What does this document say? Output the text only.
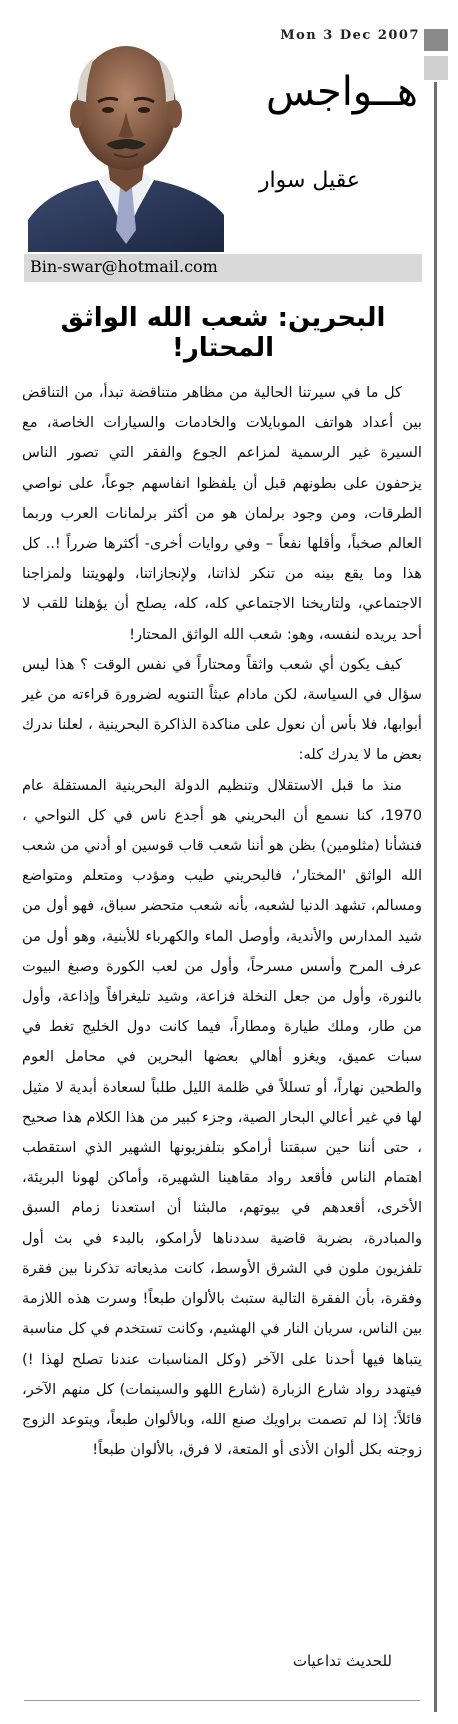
Mon 3 Dec 2007
هــواجس
عقيل سوار
Bin-swar@hotmail.com
البحرين: شعب الله الواثق المحتار!

كل ما في سيرتنا الحالية من مظاهر متناقضة تبدأ، من التناقض بين أعداد هواتف الموبايلات والخادمات والسيارات الخاصة، مع السيرة غير الرسمية لمزاعم الجوع والفقر التي تصور الناس يزحفون على بطونهم قبل أن يلفظوا انفاسهم جوعاً، على نواصي الطرقات، ومن وجود برلمان هو من أكثر برلمانات العرب وربما العالم صخباً، وأقلها نفعاً – وفي روايات أخرى- أكثرها ضرراً !.. كل هذا وما يقع بينه من تنكر لذاتنا، ولإنجازاتنا، ولهويتنا ولمزاجنا الاجتماعي، ولتاريخنا الاجتماعي كله، كله، يصلح أن يؤهلنا للقب لا أحد يريده لنفسه، وهو: شعب الله الواثق المحتار!

كيف يكون أي شعب واثقاً ومحتاراً في نفس الوقت ؟ هذا ليس سؤال في السياسة، لكن مادام عبثاً التنويه لضرورة قراءته من غير أبوابها، فلا بأس أن نعول على مناكدة الذاكرة البحرينية ، لعلنا ندرك بعض ما لا يدرك كله:

منذ ما قبل الاستقلال وتنظيم الدولة البحرينية المستقلة عام 1970، كنا نسمع أن البحريني هو أجدع ناس في كل النواحي ، فنشأنا (مثلومين) بظن هو أننا شعب قاب قوسين او أدني من شعب الله الواثق 'المختار'، فالبحريني طيب ومؤدب ومتعلم ومتواضع ومسالم، تشهد الدنيا لشعبه، بأنه شعب متحضر سباق، فهو أول من شيد المدارس والأندية، وأوصل الماء والكهرباء للأبنية، وهو أول من عرف المرح وأسس مسرحاً، وأول من لعب الكورة وصبغ البيوت بالنورة، وأول من جعل النخلة فزاعة، وشيد تليغرافاً وإذاعة، وأول من طار، وملك طيارة ومطاراً، فيما كانت دول الخليج تغط في سبات عميق، ويغزو أهالي بعضها البحرين في محامل العوم والطحين نهاراً، أو تسللاً في ظلمة الليل طلباً لسعادة أبدية لا مثيل لها في غير أعالي البحار الصية، وجزء كبير من هذا الكلام هذا صحيح ، حتى أننا حين سبقتنا أرامكو بتلفزيونها الشهير الذي استقطب اهتمام الناس فأقعد رواد مقاهينا الشهيرة، وأماكن لهونا البريئة، الأخرى، أقعدهم في بيوتهم، مالبثنا أن استعدنا زمام السبق والمبادرة، بضربة قاضية سددناها لأرامكو، بالبدء في بث أول تلفزيون ملون في الشرق الأوسط، كانت مذيعاته تذكرنا بين فقرة وفقرة، بأن الفقرة التالية ستبث بالألوان طبعاً! وسرت هذه اللازمة بين الناس، سريان النار في الهشيم، وكانت تستخدم في كل مناسبة يتباها فيها أحدنا على الآخر (وكل المناسبات عندنا تصلح لهذا !) فيتهدد رواد شارع الزبارة (شارع اللهو والسينمات) كل منهم الآخر، قائلاً: إذا لم تصمت براويك صنع الله، وبالألوان طبعاً، ويتوعد الزوج زوجته بكل ألوان الأذى أو المتعة، لا فرق، بالألوان طبعاً!

للحديث تداعيات
